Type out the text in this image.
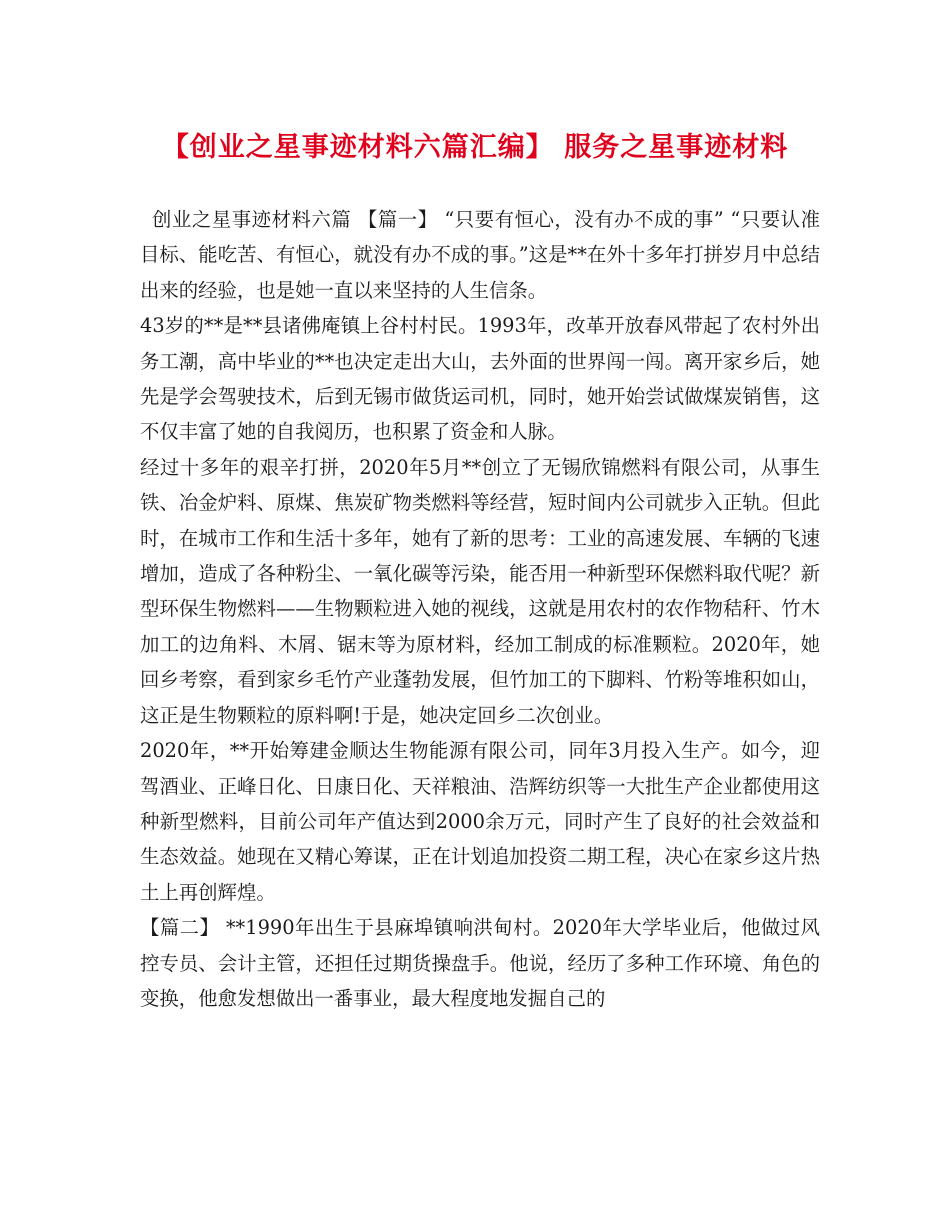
【创业之星事迹材料六篇汇编】 服务之星事迹材料

创业之星事迹材料六篇 【篇一】 “只要有恒心，没有办不成的事” “只要认准目标、能吃苦、有恒心，就没有办不成的事。”这是**在外十多年打拼岁月中总结出来的经验，也是她一直以来坚持的人生信条。

43岁的**是**县诸佛庵镇上谷村村民。1993年，改革开放春风带起了农村外出务工潮，高中毕业的**也决定走出大山，去外面的世界闯一闯。离开家乡后，她先是学会驾驶技术，后到无锡市做货运司机，同时，她开始尝试做煤炭销售，这不仅丰富了她的自我阅历，也积累了资金和人脉。

经过十多年的艰辛打拼，2020年5月**创立了无锡欣锦燃料有限公司，从事生铁、冶金炉料、原煤、焦炭矿物类燃料等经营，短时间内公司就步入正轨。但此时，在城市工作和生活十多年，她有了新的思考：工业的高速发展、车辆的飞速增加，造成了各种粉尘、一氧化碳等污染，能否用一种新型环保燃料取代呢？新型环保生物燃料——生物颗粒进入她的视线，这就是用农村的农作物秸秆、竹木加工的边角料、木屑、锯末等为原材料，经加工制成的标准颗粒。2020年，她回乡考察，看到家乡毛竹产业蓬勃发展，但竹加工的下脚料、竹粉等堆积如山，这正是生物颗粒的原料啊!于是，她决定回乡二次创业。

2020年，**开始筹建金顺达生物能源有限公司，同年3月投入生产。如今，迎驾酒业、正峰日化、日康日化、天祥粮油、浩辉纺织等一大批生产企业都使用这种新型燃料，目前公司年产值达到2000余万元，同时产生了良好的社会效益和生态效益。她现在又精心筹谋，正在计划追加投资二期工程，决心在家乡这片热土上再创辉煌。

【篇二】 **1990年出生于县麻埠镇响洪甸村。2020年大学毕业后，他做过风控专员、会计主管，还担任过期货操盘手。他说，经历了多种工作环境、角色的变换，他愈发想做出一番事业，最大程度地发掘自己的
